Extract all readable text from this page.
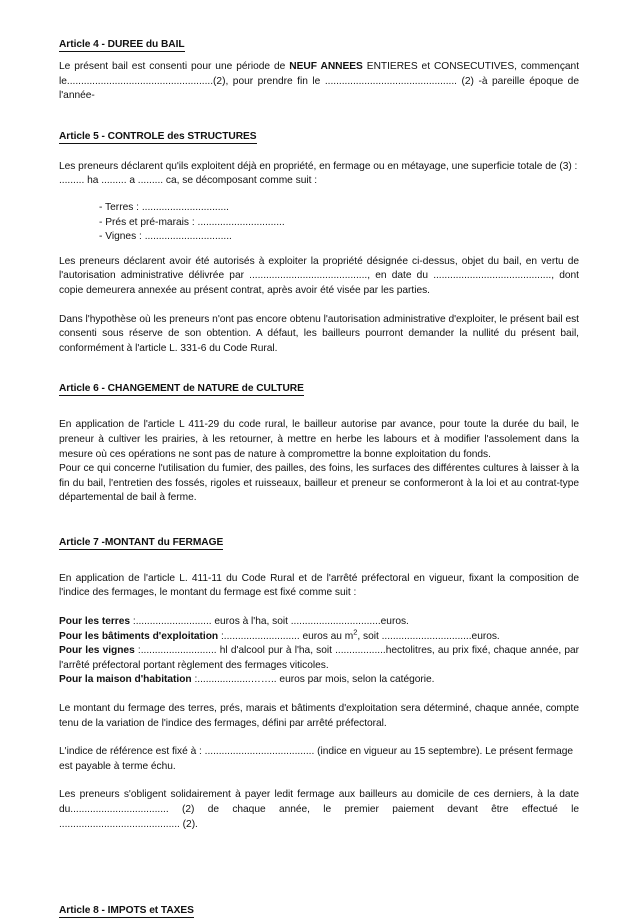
Article 4 - DUREE du BAIL

Le présent bail est consenti pour une période de NEUF ANNEES ENTIERES et CONSECUTIVES, commençant le....................................................(2), pour prendre fin le ............................................... (2) -à pareille époque de l'année-

Article 5 - CONTROLE des STRUCTURES

Les preneurs déclarent qu'ils exploitent déjà en propriété, en fermage ou en métayage, une superficie totale de (3) : ......... ha ......... a ......... ca, se décomposant comme suit :

- Terres : ...............................
- Prés et pré-marais : ...............................
- Vignes : ...............................

Les preneurs déclarent avoir été autorisés à exploiter la propriété désignée ci-dessus, objet du bail, en vertu de l'autorisation administrative délivrée par .........................................., en date du .........................................., dont copie demeurera annexée au présent contrat, après avoir été visée par les parties.

Dans l'hypothèse où les preneurs n'ont pas encore obtenu l'autorisation administrative d'exploiter, le présent bail est consenti sous réserve de son obtention. A défaut, les bailleurs pourront demander la nullité du présent bail, conformément à l'article L. 331-6 du Code Rural.

Article 6 - CHANGEMENT de NATURE de CULTURE

En application de l'article L 411-29 du code rural, le bailleur autorise par avance, pour toute la durée du bail, le preneur à cultiver les prairies, à les retourner, à mettre en herbe les labours et à modifier l'assolement dans la mesure où ces opérations ne sont pas de nature à compromettre la bonne exploitation du fonds.

Pour ce qui concerne l'utilisation du fumier, des pailles, des foins, les surfaces des différentes cultures à laisser à la fin du bail, l'entretien des fossés, rigoles et ruisseaux, bailleur et preneur se conformeront à la loi et au contrat-type départemental de bail à ferme.

Article 7 -MONTANT du FERMAGE

En application de l'article L. 411-11 du Code Rural et de l'arrêté préfectoral en vigueur, fixant la composition de l'indice des fermages, le montant du fermage est fixé comme suit :

Pour les terres :........................... euros à l'ha, soit ................................euros.

Pour les bâtiments d'exploitation :........................... euros au $m^2$, soit ................................euros.

Pour les vignes :........................... hl d'alcool pur à l'ha, soit ..................hectolitres, au prix fixé, chaque année, par l'arrêté préfectoral portant règlement des fermages viticoles.

Pour la maison d'habitation :...................…….. euros par mois, selon la catégorie.

Le montant du fermage des terres, prés, marais et bâtiments d'exploitation sera déterminé, chaque année, compte tenu de la variation de l'indice des fermages, défini par arrêté préfectoral.

L'indice de référence est fixé à : ....................................... (indice en vigueur au 15 septembre). Le présent fermage est payable à terme échu.

Les preneurs s'obligent solidairement à payer ledit fermage aux bailleurs au domicile de ces derniers, à la date du................................... (2) de chaque année, le premier paiement devant être effectué le ........................................... (2).

Article 8 - IMPOTS et TAXES
